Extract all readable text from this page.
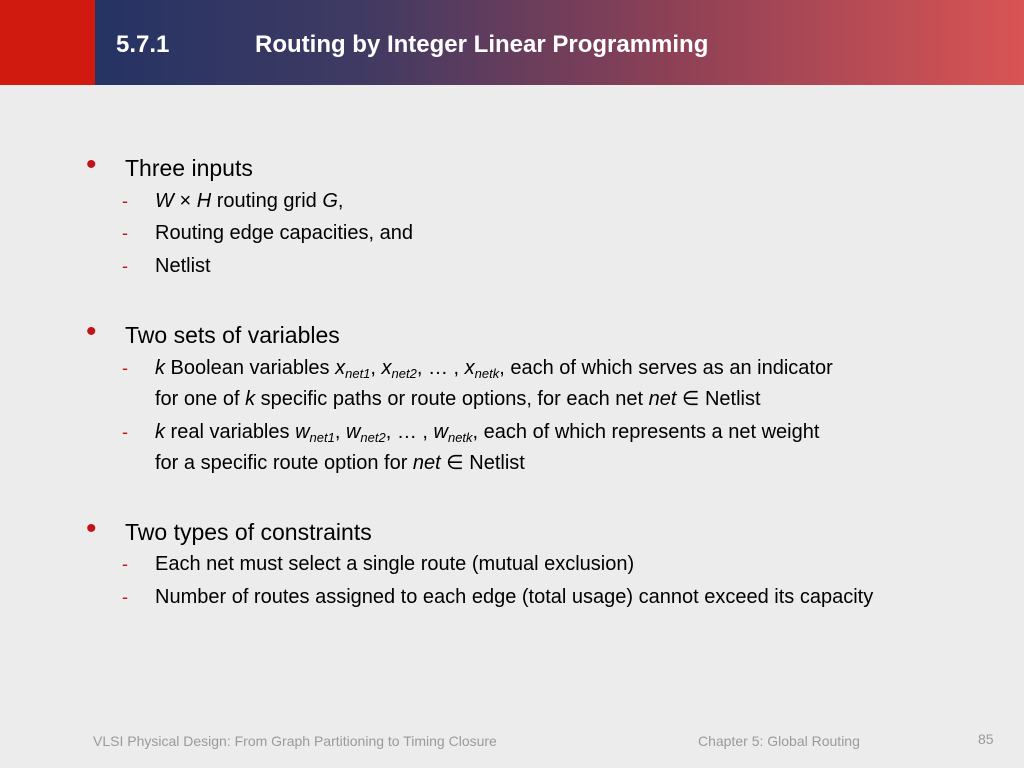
5.7.1	Routing by Integer Linear Programming
• Three inputs
- W × H routing grid G,
- Routing edge capacities, and
- Netlist
• Two sets of variables
- k Boolean variables $x_{net1}$, $x_{net2}$, … , $x_{netk}$, each of which serves as an indicator
for one of k specific paths or route options, for each net net ∈ Netlist
- k real variables $w_{net1}$, $w_{net2}$, … , $w_{netk}$, each of which represents a net weight
for a specific route option for net ∈ Netlist
• Two types of constraints
- Each net must select a single route (mutual exclusion)
- Number of routes assigned to each edge (total usage) cannot exceed its capacity
VLSI Physical Design: From Graph Partitioning to Timing Closure	Chapter 5: Global Routing	85
